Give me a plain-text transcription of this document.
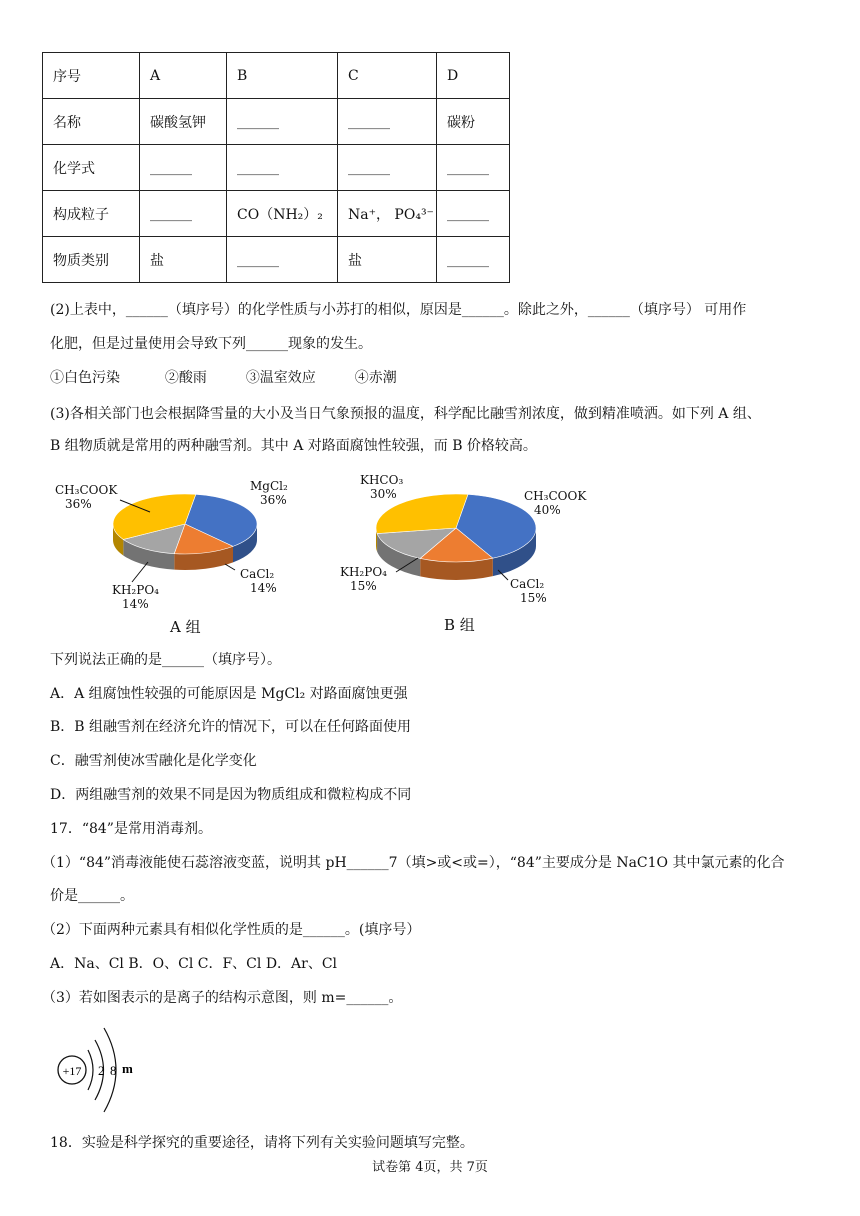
序号	A	B	C	D
名称	碳酸氢钾	______	______	碳粉
化学式	______	______	______	______
构成粒子	______	CO（NH₂）₂	Na⁺， PO₄³⁻	______
物质类别	盐	______	盐	______
(2)上表中，______（填序号）的化学性质与小苏打的相似，原因是______。除此之外，______（填序号） 可用作
化肥，但是过量使用会导致下列______现象的发生。
①白色污染	②酸雨	③温室效应	④赤潮
(3)各相关部门也会根据降雪量的大小及当日气象预报的温度，科学配比融雪剂浓度，做到精准喷洒。如下列 A 组、
B 组物质就是常用的两种融雪剂。其中 A 对路面腐蚀性较强，而 B 价格较高。
MgCl₂
36%
CaCl₂
14%
KH₂PO₄
14%
CH₃COOK
36%
A 组
CH₃COOK
40%
CaCl₂
15%
KH₂PO₄
15%
KHCO₃
30%
B 组
下列说法正确的是______（填序号）。
A．A 组腐蚀性较强的可能原因是 MgCl₂ 对路面腐蚀更强
B．B 组融雪剂在经济允许的情况下，可以在任何路面使用
C．融雪剂使冰雪融化是化学变化
D．两组融雪剂的效果不同是因为物质组成和微粒构成不同
17．“84”是常用消毒剂。
（1）“84”消毒液能使石蕊溶液变蓝，说明其 pH______7（填>或<或=），“84”主要成分是 NaC1O 其中氯元素的化合
价是______。
（2）下面两种元素具有相似化学性质的是______。(填序号）
A．Na、Cl B．O、Cl C．F、Cl D．Ar、Cl
（3）若如图表示的是离子的结构示意图，则 m=______。
+17 2 8 m
18．实验是科学探究的重要途径，请将下列有关实验问题填写完整。
试卷第 4页，共 7页
